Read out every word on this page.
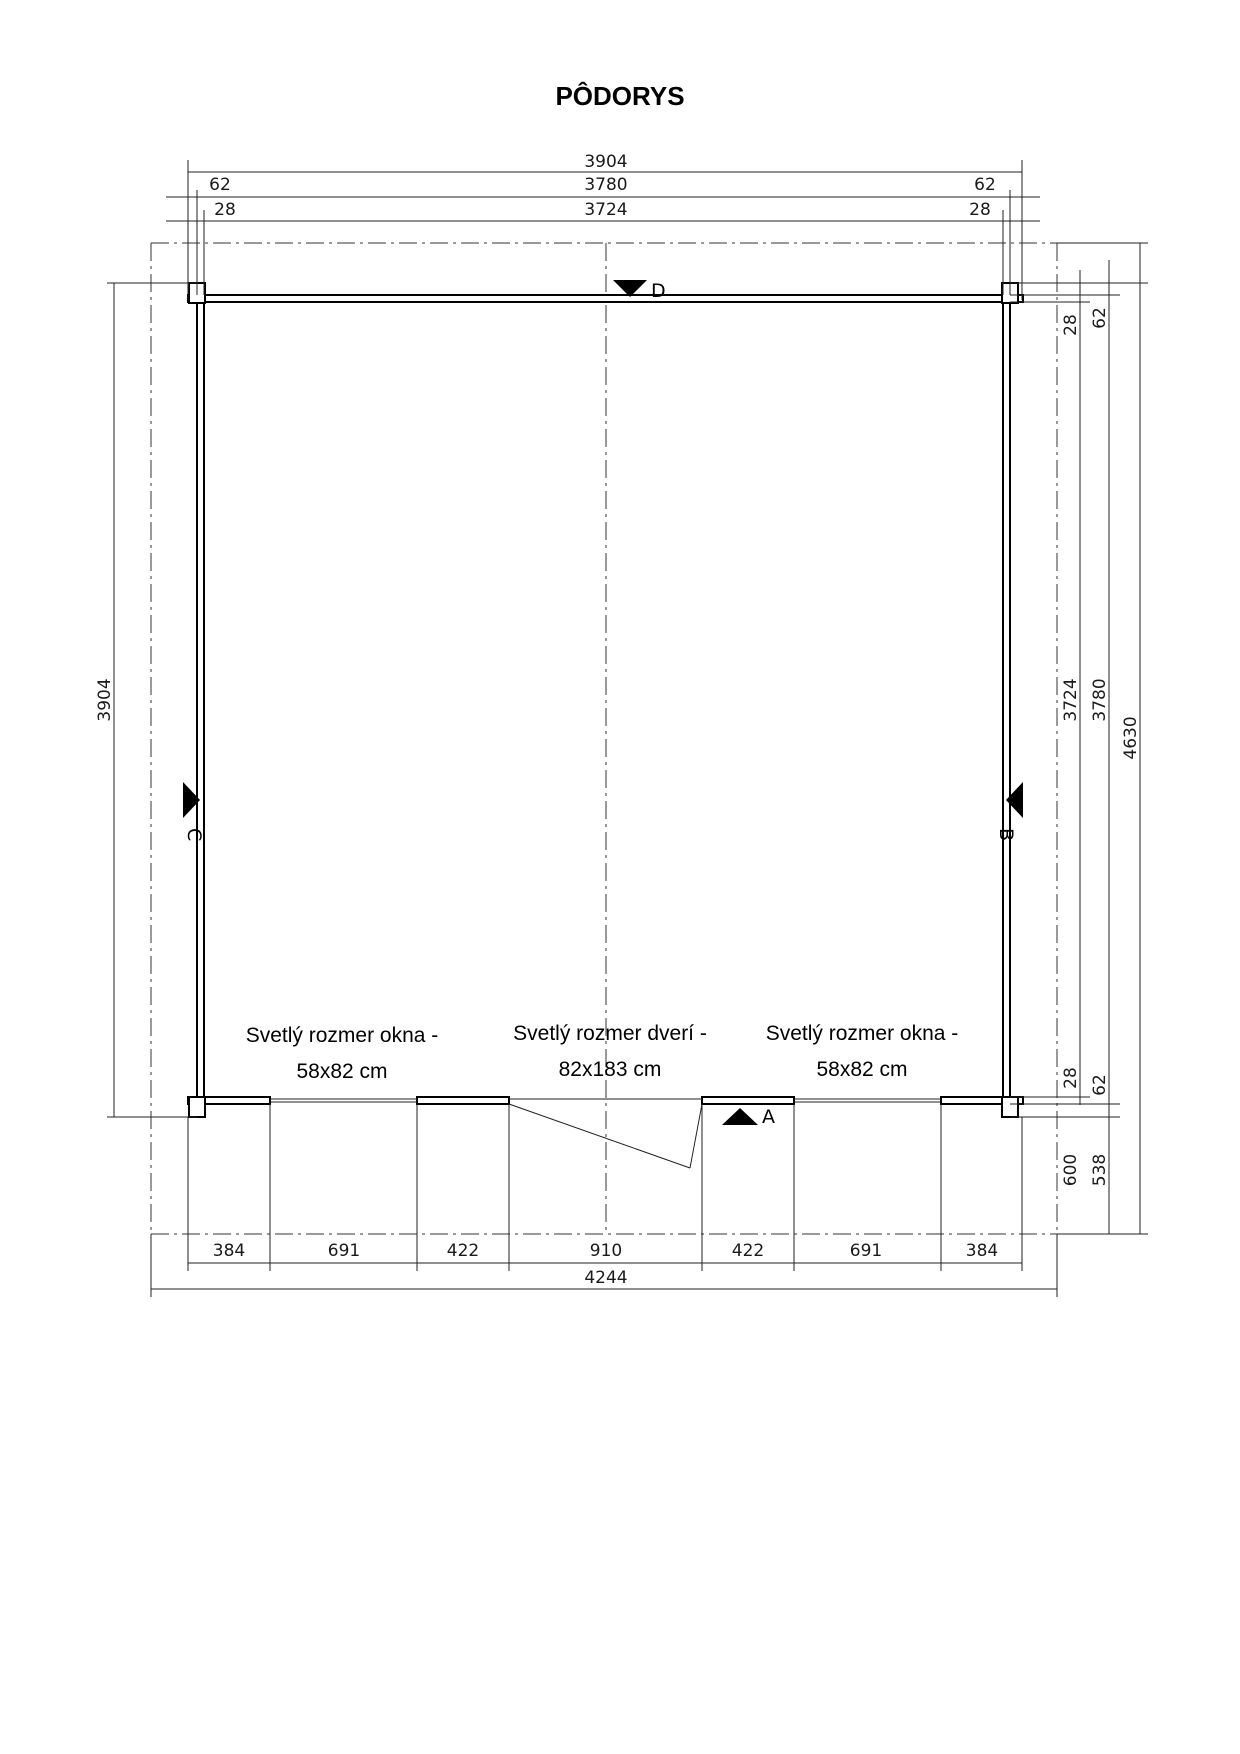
PÔDORYS
D
A
C	B
3904
3780
3724
62
28
62
28
3904
28 62
3724 3780
4630
28 62
600 538
384	691	422	910	422	691	384
4244
Svetlý rozmer okna -
58x82 cm
Svetlý rozmer dverí -
82x183 cm
Svetlý rozmer okna -
58x82 cm
